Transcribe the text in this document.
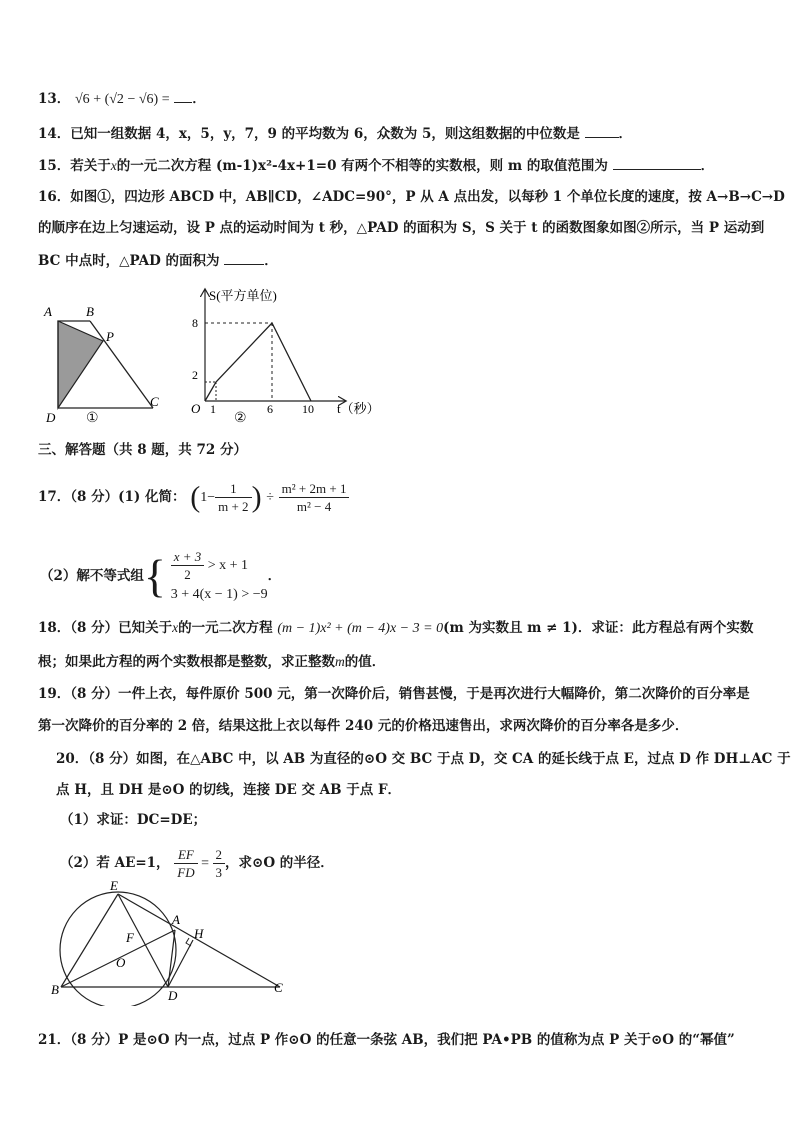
13． √6 + (√2 − √6) = ．
14．已知一组数据 4，x，5，y，7，9 的平均数为 6，众数为 5，则这组数据的中位数是	．
15．若关于x的一元二次方程 (m-1)x²-4x+1=0 有两个不相等的实数根，则 m 的取值范围为	．
16．如图①，四边形 ABCD 中，AB∥CD，∠ADC=90°，P 从 A 点出发，以每秒 1 个单位长度的速度，按 A→B→C→D
的顺序在边上匀速运动，设 P 点的运动时间为 t 秒，△PAD 的面积为 S，S 关于 t 的函数图象如图②所示，当 P 运动到
BC 中点时，△PAD 的面积为	．
A	B
P
D
C
①
S(平方单位)
8
2
O 1	6 10 t（秒）
②
三、解答题（共 8 题，共 72 分）
17．（8 分）(1) 化简： ($1- \frac{1}{m + 2}$ ) ÷ $\frac{\text{m² + 2m + 1}}{\text{m² − 4}}$
（2）解不等式组{ $\frac{x + 3}{2} > x + 1$
3 + 4(x − 1) > −9
．
18．（8 分）已知关于x的一元二次方程 (m − 1)x² + (m − 4)x − 3 = 0(m 为实数且 m ≠ 1)．求证：此方程总有两个实数
根；如果此方程的两个实数根都是整数，求正整数m的值．
19．（8 分）一件上衣，每件原价 500 元，第一次降价后，销售甚慢，于是再次进行大幅降价，第二次降价的百分率是
第一次降价的百分率的 2 倍，结果这批上衣以每件 240 元的价格迅速售出，求两次降价的百分率各是多少．
20．（8 分）如图，在△ABC 中，以 AB 为直径的⊙O 交 BC 于点 D，交 CA 的延长线于点 E，过点 D 作 DH⊥AC 于
点 H，且 DH 是⊙O 的切线，连接 DE 交 AB 于点 F．
（1）求证：DC=DE；
（2）若 AE=1， $\frac{EF}{FD} = \frac{2}{3}$ ，求⊙O 的半径．
E
A
H
F
O
B	D
C
21．（8 分）P 是⊙O 内一点，过点 P 作⊙O 的任意一条弦 AB，我们把 PA•PB 的值称为点 P 关于⊙O 的“幂值”
